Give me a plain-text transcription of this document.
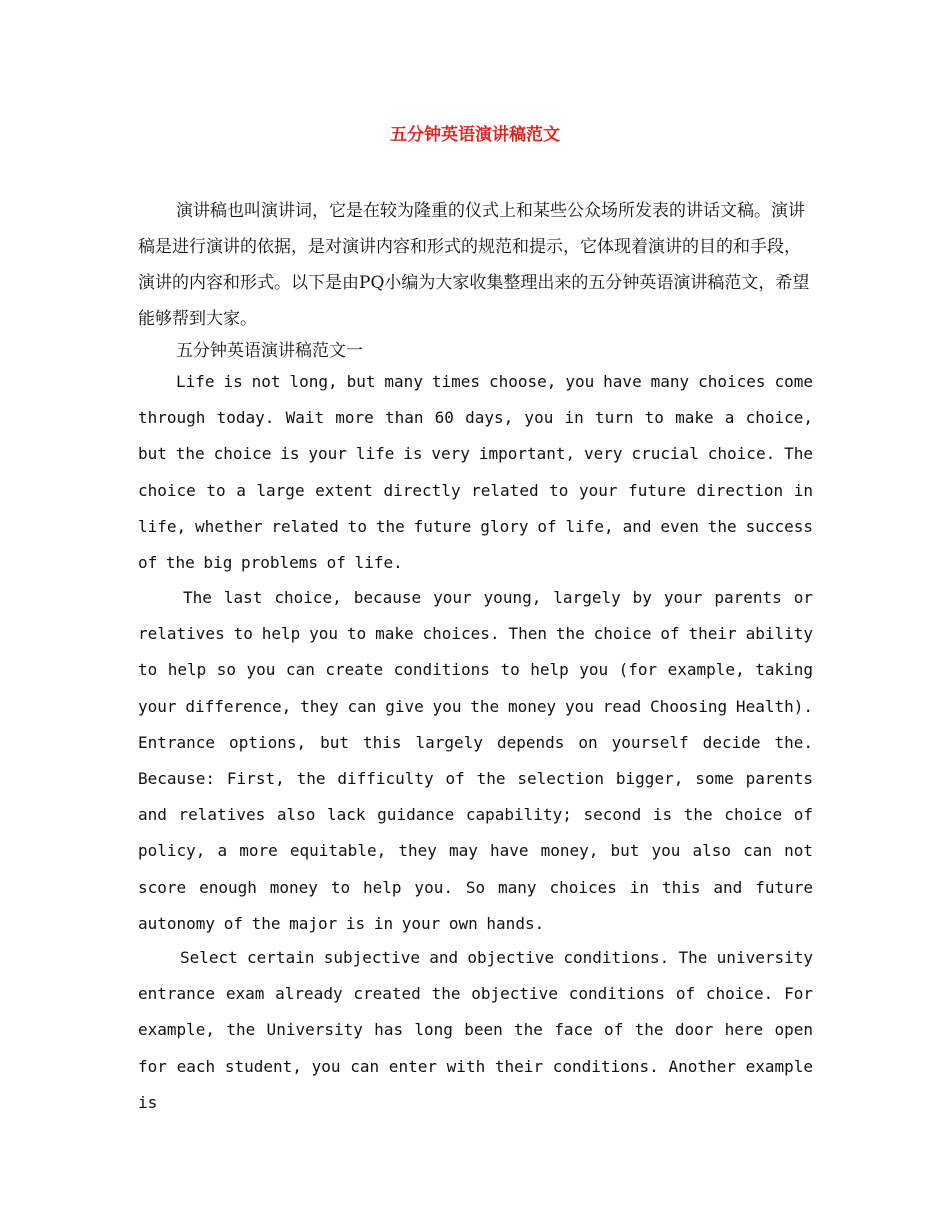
五分钟英语演讲稿范文

演讲稿也叫演讲词，它是在较为隆重的仪式上和某些公众场所发表的讲话文稿。演讲稿是进行演讲的依据，是对演讲内容和形式的规范和提示，它体现着演讲的目的和手段，演讲的内容和形式。以下是由PQ小编为大家收集整理出来的五分钟英语演讲稿范文，希望能够帮到大家。

五分钟英语演讲稿范文一

Life is not long, but many times choose, you have many choices come through today. Wait more than 60 days, you in turn to make a choice, but the choice is your life is very important, very crucial choice. The choice to a large extent directly related to your future direction in life, whether related to the future glory of life, and even the success of the big problems of life.

The last choice, because your young, largely by your parents or relatives to help you to make choices. Then the choice of their ability to help so you can create conditions to help you (for example, taking your difference, they can give you the money you read Choosing Health). Entrance options, but this largely depends on yourself decide the. Because: First, the difficulty of the selection bigger, some parents and relatives also lack guidance capability; second is the choice of policy, a more equitable, they may have money, but you also can not score enough money to help you. So many choices in this and future autonomy of the major is in your own hands.

Select certain subjective and objective conditions. The university entrance exam already created the objective conditions of choice. For example, the University has long been the face of the door here open for each student, you can enter with their conditions. Another example is
